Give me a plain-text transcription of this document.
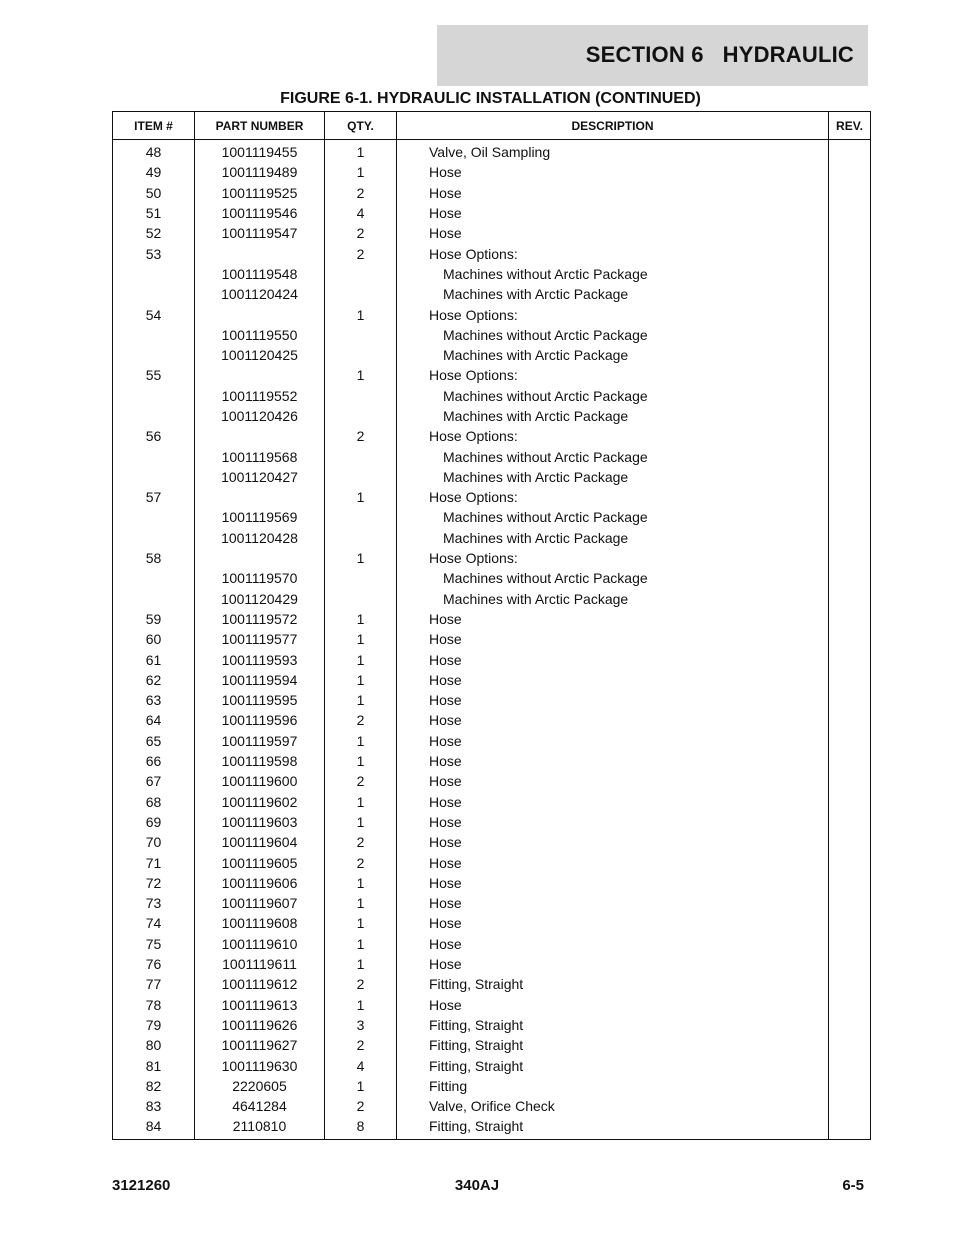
SECTION 6   HYDRAULIC
FIGURE 6-1. HYDRAULIC INSTALLATION (CONTINUED)
ITEM #	PART NUMBER	QTY.	DESCRIPTION	REV.
48	1001119455	1	Valve, Oil Sampling	
49	1001119489	1	Hose	
50	1001119525	2	Hose	
51	1001119546	4	Hose	
52	1001119547	2	Hose	
53		2	Hose Options:	
	1001119548		Machines without Arctic Package	
	1001120424		Machines with Arctic Package	
54		1	Hose Options:	
	1001119550		Machines without Arctic Package	
	1001120425		Machines with Arctic Package	
55		1	Hose Options:	
	1001119552		Machines without Arctic Package	
	1001120426		Machines with Arctic Package	
56		2	Hose Options:	
	1001119568		Machines without Arctic Package	
	1001120427		Machines with Arctic Package	
57		1	Hose Options:	
	1001119569		Machines without Arctic Package	
	1001120428		Machines with Arctic Package	
58		1	Hose Options:	
	1001119570		Machines without Arctic Package	
	1001120429		Machines with Arctic Package	
59	1001119572	1	Hose	
60	1001119577	1	Hose	
61	1001119593	1	Hose	
62	1001119594	1	Hose	
63	1001119595	1	Hose	
64	1001119596	2	Hose	
65	1001119597	1	Hose	
66	1001119598	1	Hose	
67	1001119600	2	Hose	
68	1001119602	1	Hose	
69	1001119603	1	Hose	
70	1001119604	2	Hose	
71	1001119605	2	Hose	
72	1001119606	1	Hose	
73	1001119607	1	Hose	
74	1001119608	1	Hose	
75	1001119610	1	Hose	
76	1001119611	1	Hose	
77	1001119612	2	Fitting, Straight	
78	1001119613	1	Hose	
79	1001119626	3	Fitting, Straight	
80	1001119627	2	Fitting, Straight	
81	1001119630	4	Fitting, Straight	
82	2220605	1	Fitting	
83	4641284	2	Valve, Orifice Check	
84	2110810	8	Fitting, Straight	
3121260	340AJ	6-5
